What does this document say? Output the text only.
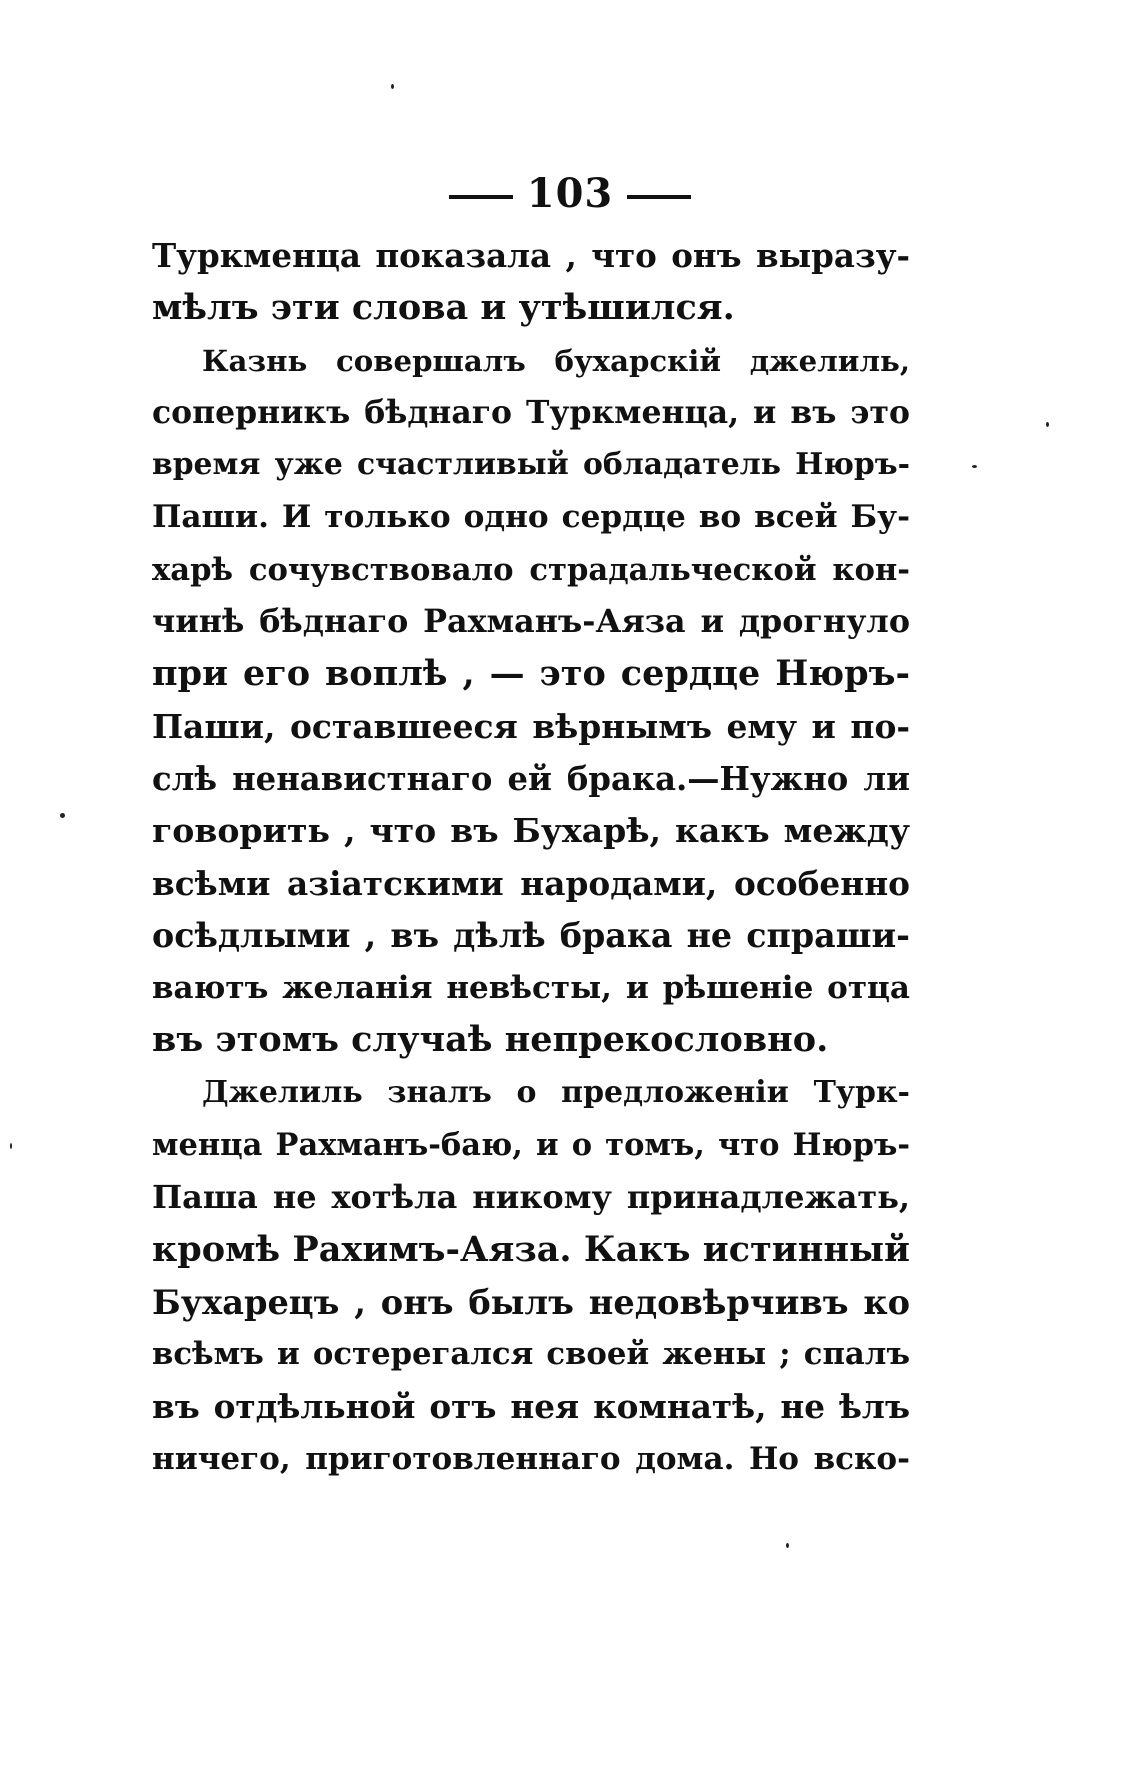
103
Туркменца показала , что онъ выразу-
мѣлъ эти слова и утѣшился.
Казнь совершалъ бухарскій джелиль,
соперникъ бѣднаго Туркменца, и въ это
время уже счастливый обладатель Нюръ-
Паши. И только одно сердце во всей Бу-
харѣ сочувствовало страдальческой кон-
чинѣ бѣднаго Рахманъ-Аяза и дрогнуло
при его воплѣ , — это сердце Нюръ-
Паши, оставшееся вѣрнымъ ему и по-
слѣ ненавистнаго ей брака.—Нужно ли
говорить , что въ Бухарѣ, какъ между
всѣми азіатскими народами, особенно
осѣдлыми , въ дѣлѣ брака не спраши-
ваютъ желанія невѣсты, и рѣшеніе отца
въ этомъ случаѣ непрекословно.
Джелиль зналъ о предложеніи Турк-
менца Рахманъ-баю, и о томъ, что Нюръ-
Паша не хотѣла никому принадлежать,
кромѣ Рахимъ-Аяза. Какъ истинный
Бухарецъ , онъ былъ недовѣрчивъ ко
всѣмъ и остерегался своей жены ; спалъ
въ отдѣльной отъ нея комнатѣ, не ѣлъ
ничего, приготовленнаго дома. Но вско-
